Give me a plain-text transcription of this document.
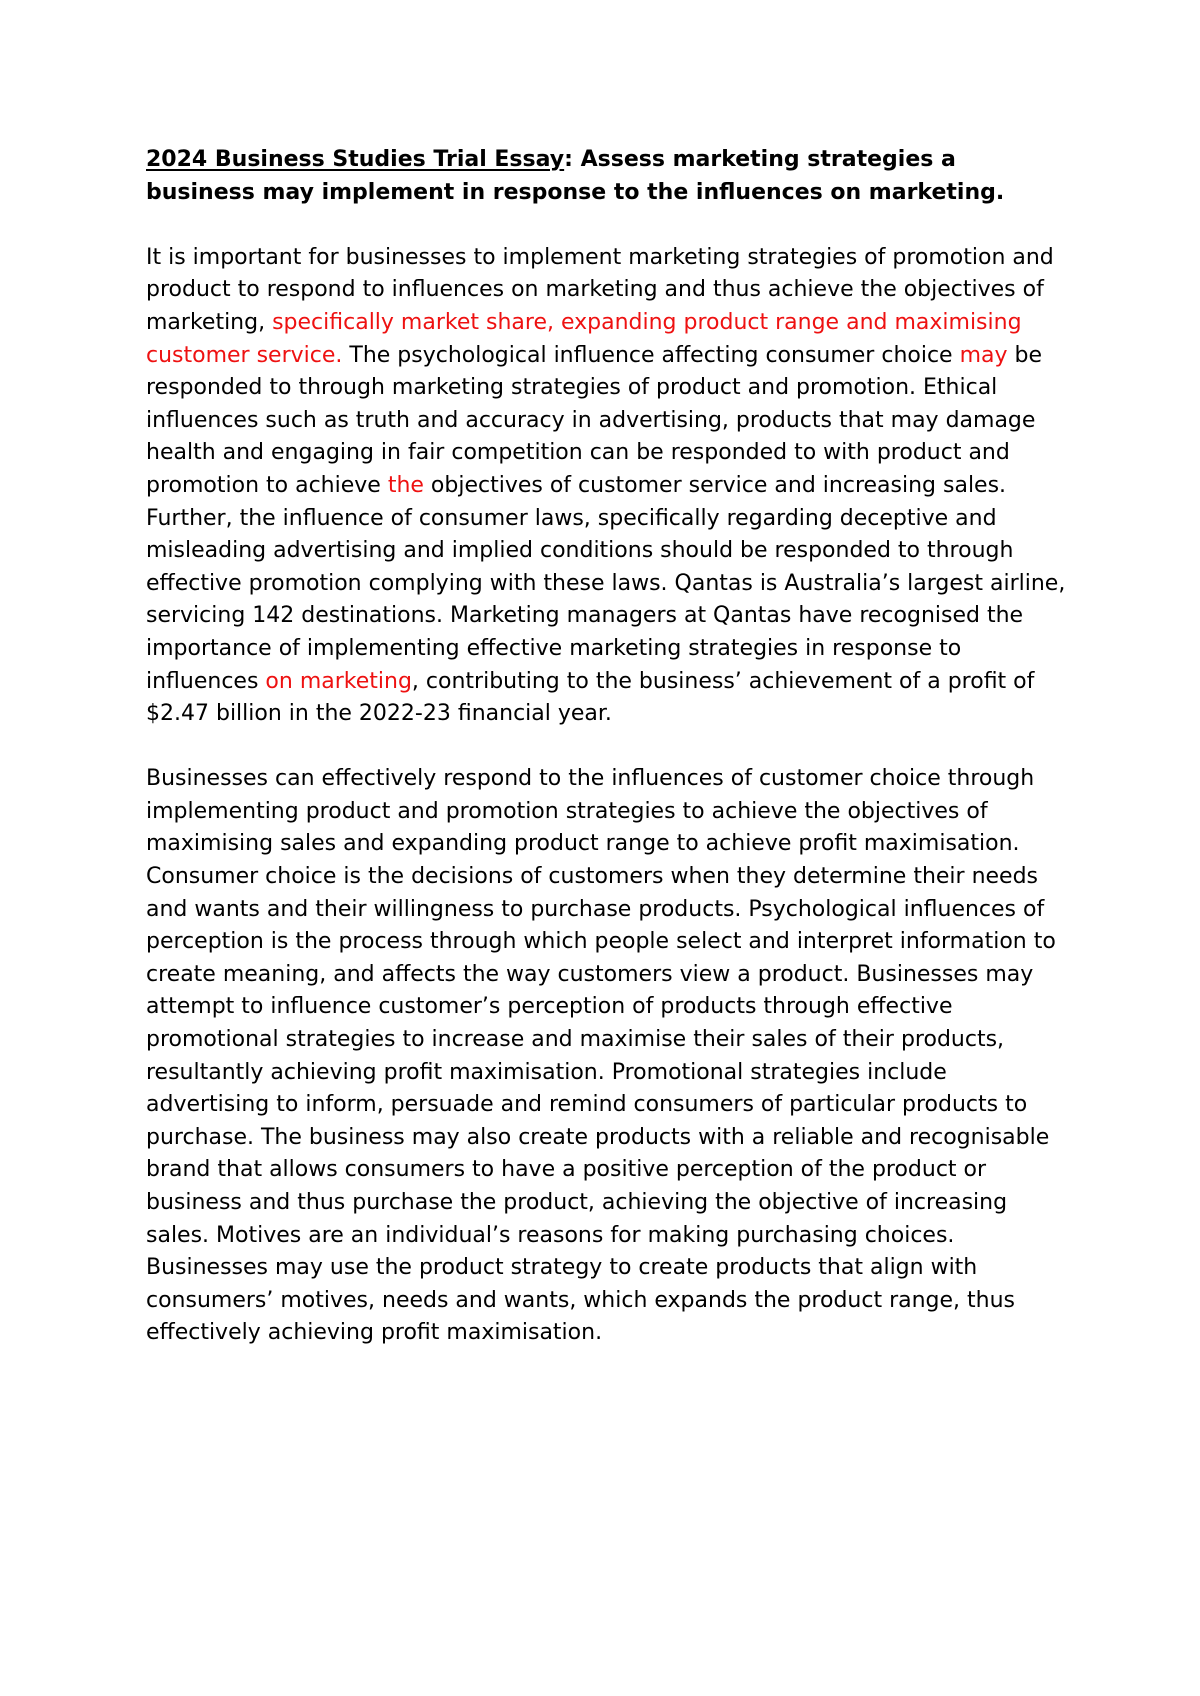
2024 Business Studies Trial Essay: Assess marketing strategies a business may implement in response to the influences on marketing.

It is important for businesses to implement marketing strategies of promotion and product to respond to influences on marketing and thus achieve the objectives of marketing, specifically market share, expanding product range and maximising customer service. The psychological influence affecting consumer choice may be responded to through marketing strategies of product and promotion. Ethical influences such as truth and accuracy in advertising, products that may damage health and engaging in fair competition can be responded to with product and promotion to achieve the objectives of customer service and increasing sales. Further, the influence of consumer laws, specifically regarding deceptive and misleading advertising and implied conditions should be responded to through effective promotion complying with these laws. Qantas is Australia’s largest airline, servicing 142 destinations. Marketing managers at Qantas have recognised the importance of implementing effective marketing strategies in response to influences on marketing, contributing to the business’ achievement of a profit of $2.47 billion in the 2022-23 financial year.

Businesses can effectively respond to the influences of customer choice through implementing product and promotion strategies to achieve the objectives of maximising sales and expanding product range to achieve profit maximisation. Consumer choice is the decisions of customers when they determine their needs and wants and their willingness to purchase products. Psychological influences of perception is the process through which people select and interpret information to create meaning, and affects the way customers view a product. Businesses may attempt to influence customer’s perception of products through effective promotional strategies to increase and maximise their sales of their products, resultantly achieving profit maximisation. Promotional strategies include advertising to inform, persuade and remind consumers of particular products to purchase. The business may also create products with a reliable and recognisable brand that allows consumers to have a positive perception of the product or business and thus purchase the product, achieving the objective of increasing sales. Motives are an individual’s reasons for making purchasing choices. Businesses may use the product strategy to create products that align with consumers’ motives, needs and wants, which expands the product range, thus effectively achieving profit maximisation.
